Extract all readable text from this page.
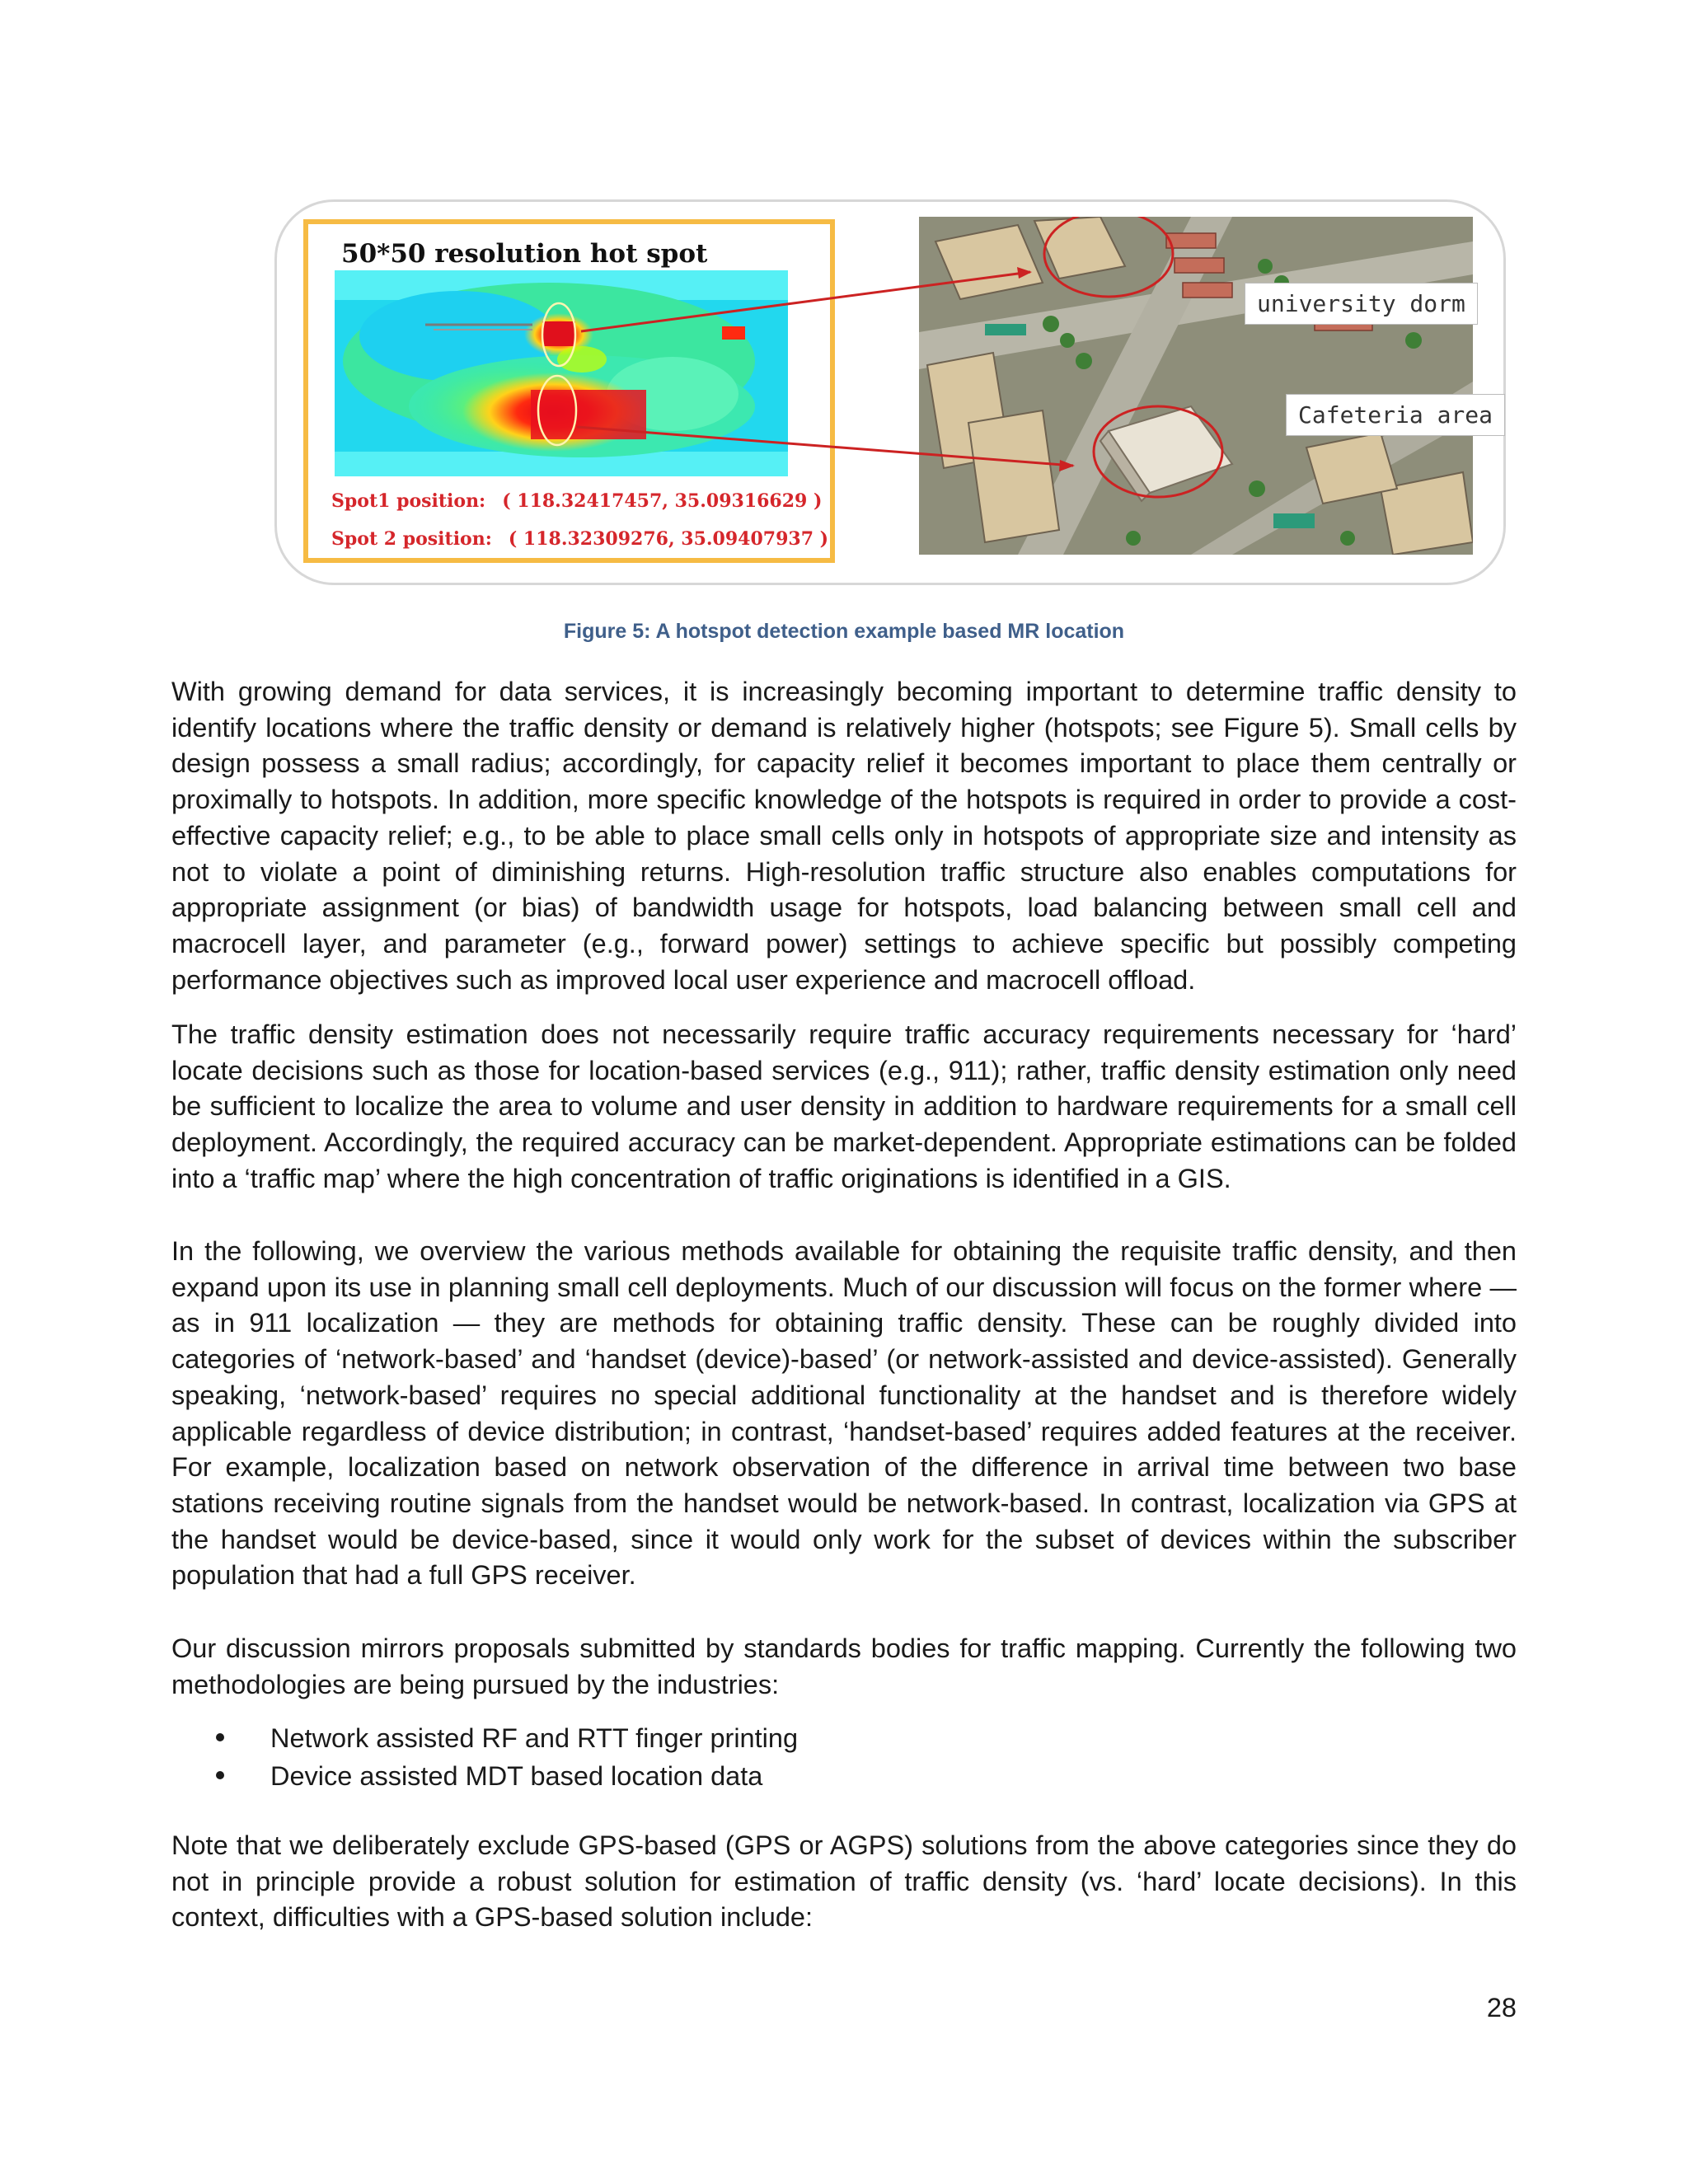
50*50 resolution hot spot
Spot1 position: ( 118.32417457, 35.09316629 )
Spot 2 position: ( 118.32309276, 35.09407937 )
university dorm
Cafeteria area
Figure 5: A hotspot detection example based MR location

With growing demand for data services, it is increasingly becoming important to determine traffic density to identify locations where the traffic density or demand is relatively higher (hotspots; see Figure 5). Small cells by design possess a small radius; accordingly, for capacity relief it becomes important to place them centrally or proximally to hotspots. In addition, more specific knowledge of the hotspots is required in order to provide a cost-effective capacity relief; e.g., to be able to place small cells only in hotspots of appropriate size and intensity as not to violate a point of diminishing returns. High-resolution traffic structure also enables computations for appropriate assignment (or bias) of bandwidth usage for hotspots, load balancing between small cell and macrocell layer, and parameter (e.g., forward power) settings to achieve specific but possibly competing performance objectives such as improved local user experience and macrocell offload.

The traffic density estimation does not necessarily require traffic accuracy requirements necessary for ‘hard’ locate decisions such as those for location-based services (e.g., 911); rather, traffic density estimation only need be sufficient to localize the area to volume and user density in addition to hardware requirements for a small cell deployment. Accordingly, the required accuracy can be market-dependent. Appropriate estimations can be folded into a ‘traffic map’ where the high concentration of traffic originations is identified in a GIS.

In the following, we overview the various methods available for obtaining the requisite traffic density, and then expand upon its use in planning small cell deployments. Much of our discussion will focus on the former where — as in 911 localization — they are methods for obtaining traffic density. These can be roughly divided into categories of ‘network-based’ and ‘handset (device)-based’ (or network-assisted and device-assisted). Generally speaking, ‘network-based’ requires no special additional functionality at the handset and is therefore widely applicable regardless of device distribution; in contrast, ‘handset-based’ requires added features at the receiver. For example, localization based on network observation of the difference in arrival time between two base stations receiving routine signals from the handset would be network-based. In contrast, localization via GPS at the handset would be device-based, since it would only work for the subset of devices within the subscriber population that had a full GPS receiver.

Our discussion mirrors proposals submitted by standards bodies for traffic mapping. Currently the following two methodologies are being pursued by the industries:

Network assisted RF and RTT finger printing
Device assisted MDT based location data

Note that we deliberately exclude GPS-based (GPS or AGPS) solutions from the above categories since they do not in principle provide a robust solution for estimation of traffic density (vs. ‘hard’ locate decisions). In this context, difficulties with a GPS-based solution include:

28
